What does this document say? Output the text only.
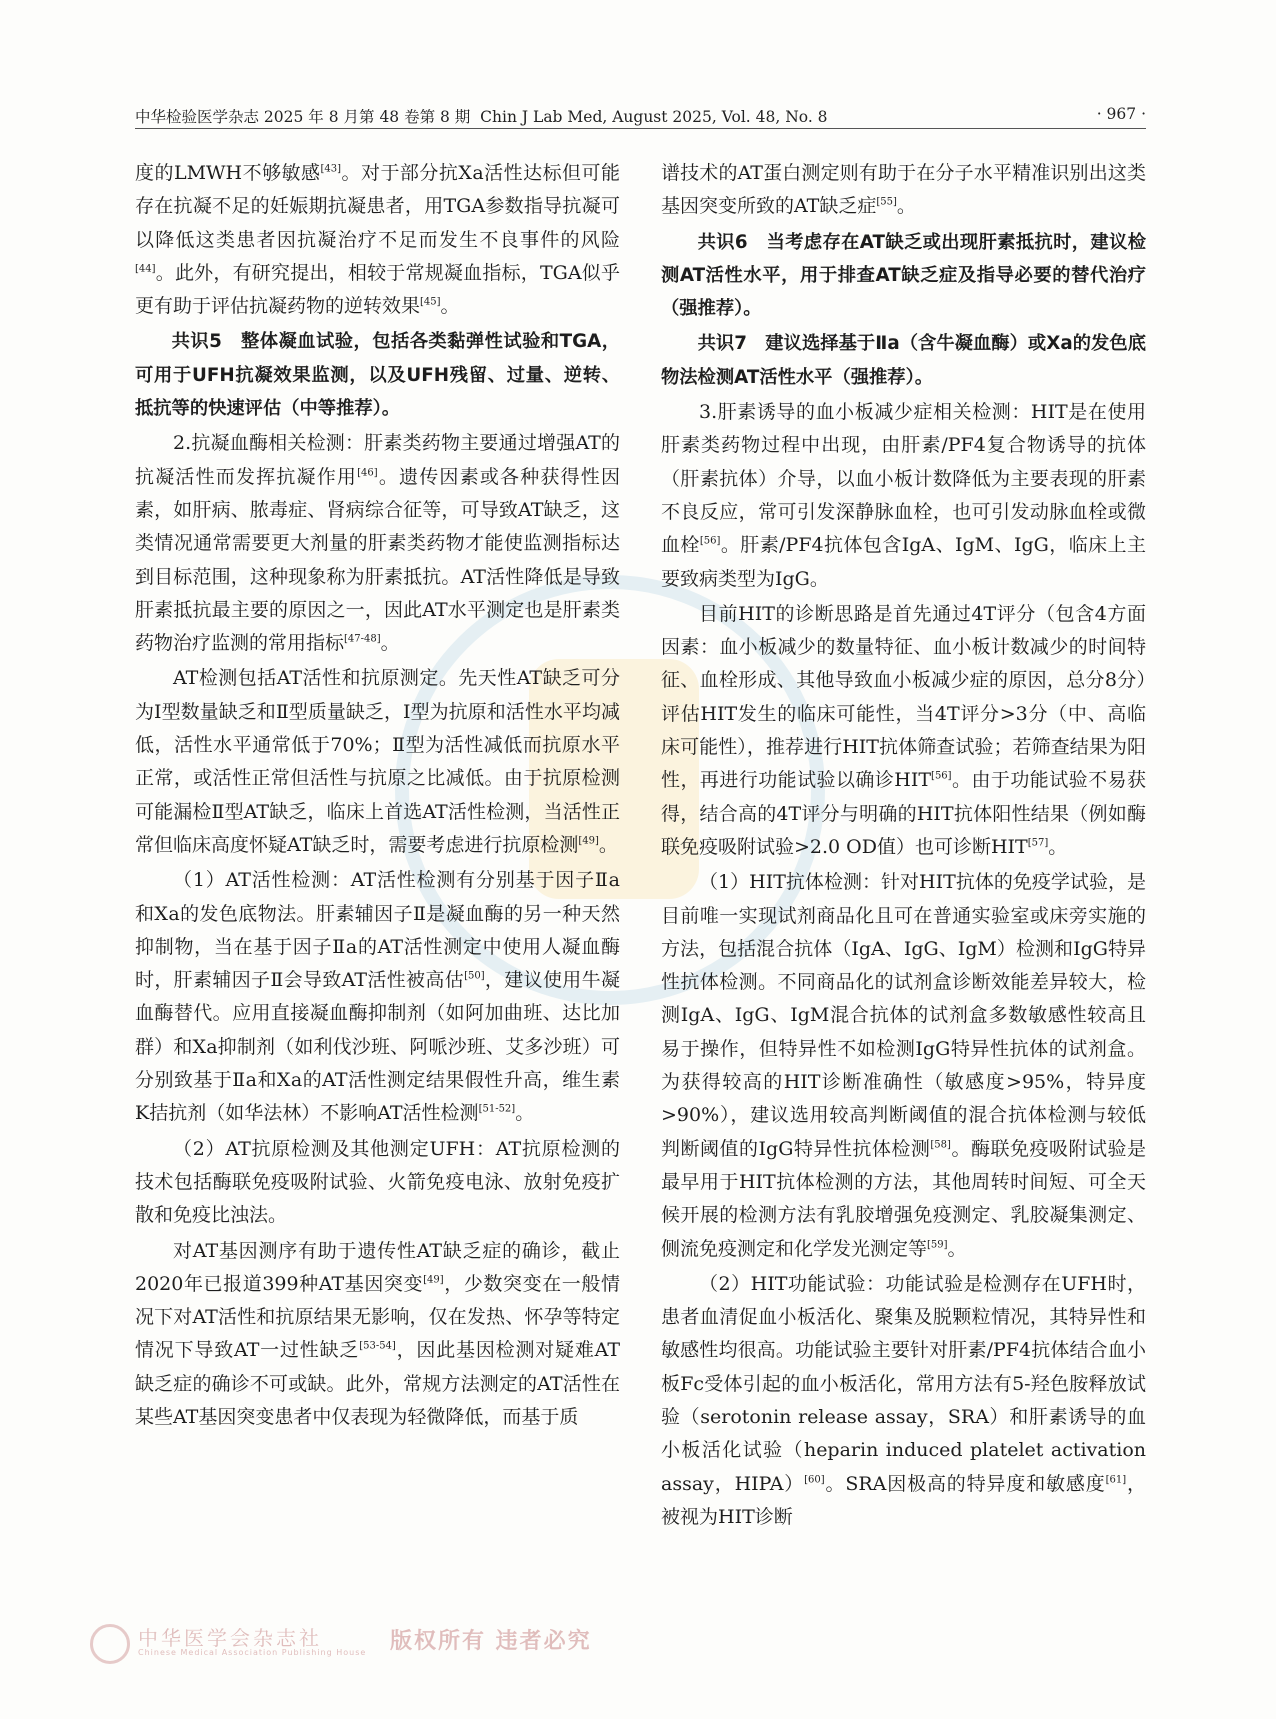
中华检验医学杂志 2025 年 8 月第 48 卷第 8 期 Chin J Lab Med, August 2025, Vol. 48, No. 8	· 967 ·

度的LMWH不够敏感[43]。对于部分抗Ⅹa活性达标但可能存在抗凝不足的妊娠期抗凝患者，用TGA参数指导抗凝可以降低这类患者因抗凝治疗不足而发生不良事件的风险[44]。此外，有研究提出，相较于常规凝血指标，TGA似乎更有助于评估抗凝药物的逆转效果[45]。

共识5　整体凝血试验，包括各类黏弹性试验和TGA，可用于UFH抗凝效果监测，以及UFH残留、过量、逆转、抵抗等的快速评估（中等推荐）。

2.抗凝血酶相关检测：肝素类药物主要通过增强AT的抗凝活性而发挥抗凝作用[46]。遗传因素或各种获得性因素，如肝病、脓毒症、肾病综合征等，可导致AT缺乏，这类情况通常需要更大剂量的肝素类药物才能使监测指标达到目标范围，这种现象称为肝素抵抗。AT活性降低是导致肝素抵抗最主要的原因之一，因此AT水平测定也是肝素类药物治疗监测的常用指标[47-48]。

AT检测包括AT活性和抗原测定。先天性AT缺乏可分为Ⅰ型数量缺乏和Ⅱ型质量缺乏，Ⅰ型为抗原和活性水平均减低，活性水平通常低于70%；Ⅱ型为活性减低而抗原水平正常，或活性正常但活性与抗原之比减低。由于抗原检测可能漏检Ⅱ型AT缺乏，临床上首选AT活性检测，当活性正常但临床高度怀疑AT缺乏时，需要考虑进行抗原检测[49]。

（1）AT活性检测：AT活性检测有分别基于因子Ⅱa和Ⅹa的发色底物法。肝素辅因子Ⅱ是凝血酶的另一种天然抑制物，当在基于因子Ⅱa的AT活性测定中使用人凝血酶时，肝素辅因子Ⅱ会导致AT活性被高估[50]，建议使用牛凝血酶替代。应用直接凝血酶抑制剂（如阿加曲班、达比加群）和Ⅹa抑制剂（如利伐沙班、阿哌沙班、艾多沙班）可分别致基于Ⅱa和Ⅹa的AT活性测定结果假性升高，维生素K拮抗剂（如华法林）不影响AT活性检测[51-52]。

（2）AT抗原检测及其他测定UFH：AT抗原检测的技术包括酶联免疫吸附试验、火箭免疫电泳、放射免疫扩散和免疫比浊法。

对AT基因测序有助于遗传性AT缺乏症的确诊，截止2020年已报道399种AT基因突变[49]，少数突变在一般情况下对AT活性和抗原结果无影响，仅在发热、怀孕等特定情况下导致AT一过性缺乏[53-54]，因此基因检测对疑难AT缺乏症的确诊不可或缺。此外，常规方法测定的AT活性在某些AT基因突变患者中仅表现为轻微降低，而基于质

谱技术的AT蛋白测定则有助于在分子水平精准识别出这类基因突变所致的AT缺乏症[55]。

共识6　当考虑存在AT缺乏或出现肝素抵抗时，建议检测AT活性水平，用于排查AT缺乏症及指导必要的替代治疗（强推荐）。

共识7　建议选择基于Ⅱa（含牛凝血酶）或Ⅹa的发色底物法检测AT活性水平（强推荐）。

3.肝素诱导的血小板减少症相关检测：HIT是在使用肝素类药物过程中出现，由肝素/PF4复合物诱导的抗体（肝素抗体）介导，以血小板计数降低为主要表现的肝素不良反应，常可引发深静脉血栓，也可引发动脉血栓或微血栓[56]。肝素/PF4抗体包含IgA、IgM、IgG，临床上主要致病类型为IgG。

目前HIT的诊断思路是首先通过4T评分（包含4方面因素：血小板减少的数量特征、血小板计数减少的时间特征、血栓形成、其他导致血小板减少症的原因，总分8分）评估HIT发生的临床可能性，当4T评分>3分（中、高临床可能性），推荐进行HIT抗体筛查试验；若筛查结果为阳性，再进行功能试验以确诊HIT[56]。由于功能试验不易获得，结合高的4T评分与明确的HIT抗体阳性结果（例如酶联免疫吸附试验>2.0 OD值）也可诊断HIT[57]。

（1）HIT抗体检测：针对HIT抗体的免疫学试验，是目前唯一实现试剂商品化且可在普通实验室或床旁实施的方法，包括混合抗体（IgA、IgG、IgM）检测和IgG特异性抗体检测。不同商品化的试剂盒诊断效能差异较大，检测IgA、IgG、IgM混合抗体的试剂盒多数敏感性较高且易于操作，但特异性不如检测IgG特异性抗体的试剂盒。为获得较高的HIT诊断准确性（敏感度>95%，特异度>90%），建议选用较高判断阈值的混合抗体检测与较低判断阈值的IgG特异性抗体检测[58]。酶联免疫吸附试验是最早用于HIT抗体检测的方法，其他周转时间短、可全天候开展的检测方法有乳胶增强免疫测定、乳胶凝集测定、侧流免疫测定和化学发光测定等[59]。

（2）HIT功能试验：功能试验是检测存在UFH时，患者血清促血小板活化、聚集及脱颗粒情况，其特异性和敏感性均很高。功能试验主要针对肝素/PF4抗体结合血小板Fc受体引起的血小板活化，常用方法有5-羟色胺释放试验（serotonin release assay，SRA）和肝素诱导的血小板活化试验（heparin induced platelet activation assay，HIPA）[60]。SRA因极高的特异度和敏感度[61]，被视为HIT诊断

中华医学会杂志社
Chinese Medical Association Publishing House 版权所有 违者必究
